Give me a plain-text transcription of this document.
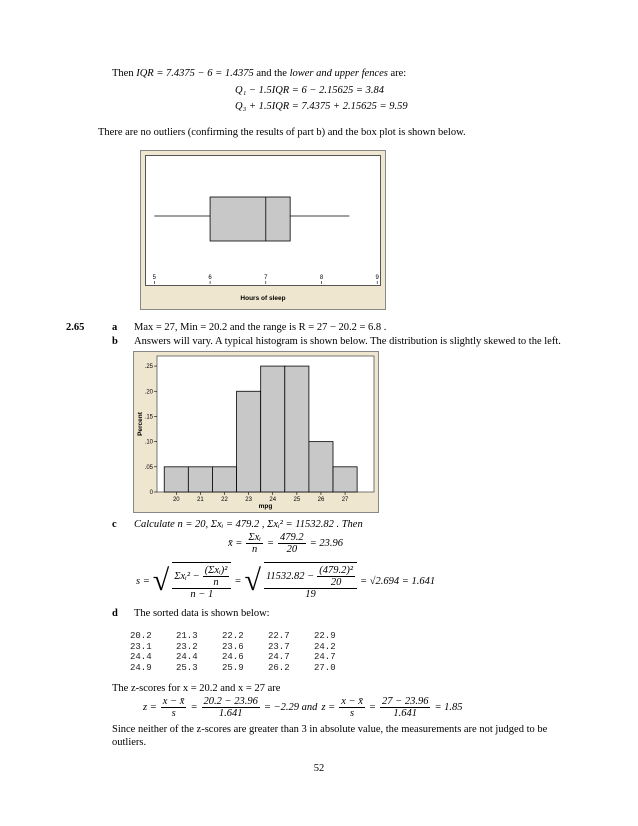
Then IQR = 7.4375 − 6 = 1.4375 and the lower and upper fences are:
Q₁ − 1.5IQR = 6 − 2.15625 = 3.84
Q₃ + 1.5IQR = 7.4375 + 2.15625 = 9.59
There are no outliers (confirming the results of part b) and the box plot is shown below.
5	6	7	8	9
Hours of sleep
2.65	a Max = 27, Min = 20.2 and the range is R = 27 − 20.2 = 6.8 .
b Answers will vary. A typical histogram is shown below. The distribution is slightly skewed to the left.
0
.05
.10
.15
.20
.25
20	21	22	23	24	25	26	27
mpg
Percent
c Calculate n = 20, Σxᵢ = 479.2 , Σxᵢ² = 11532.82 . Then
x̄ = $\frac{\text{Σxᵢ}}{n} = \frac{479.2}{20} = 23.96$
s = √ $\frac{\Sigma xᵢ^2 - \frac{\text{(Σxᵢ)²}}{n}}{n - 1}$ = √ $\frac{11532.82 - \frac{\text{(479.2)²}}{20}}{19} = √2.694 = 1.641$
d The sorted data is shown below:
20.2	21.3	22.2	22.7	22.9
23.1	23.2	23.6	23.7	24.2
24.4	24.4	24.6	24.7	24.7
24.9	25.3	25.9	26.2	27.0
The z-scores for x = 20.2 and x = 27 are
$z = \frac{x - x̄}{s} = \frac{20.2 - 23.96}{1.641} = -2.29$ and $z = \frac{x - x̄}{s} = \frac{27 - 23.96}{1.641} = 1.85$
Since neither of the z-scores are greater than 3 in absolute value, the measurements are not judged to be
outliers.
52
